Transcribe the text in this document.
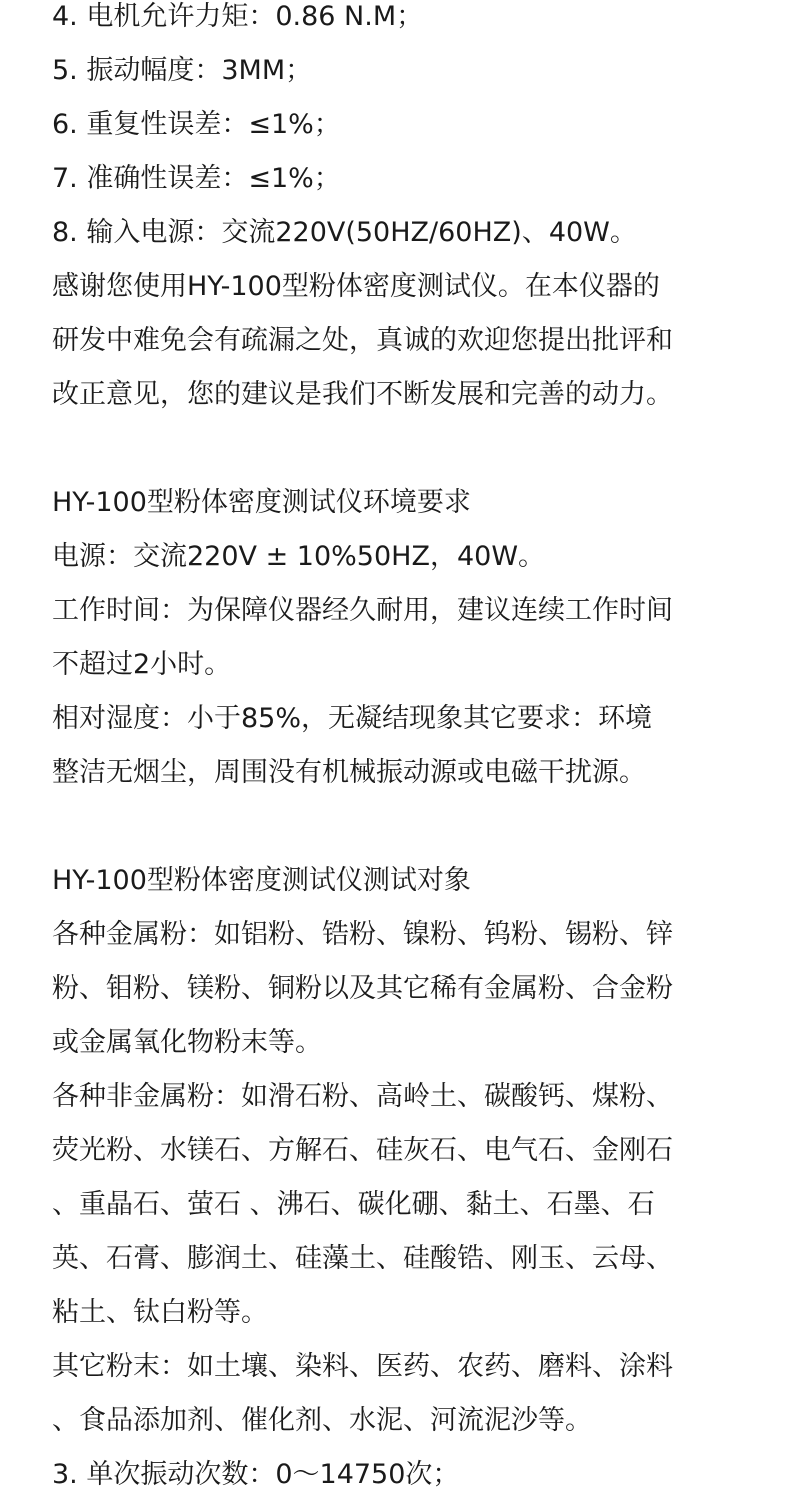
4. 电机允许力矩：0.86 N.M；
5. 振动幅度：3MM；
6. 重复性误差：≤1%；
7. 准确性误差：≤1%；
8. 输入电源：交流220V(50HZ/60HZ)、40W。
感谢您使用HY-100型粉体密度测试仪。在本仪器的
研发中难免会有疏漏之处，真诚的欢迎您提出批评和
改正意见，您的建议是我们不断发展和完善的动力。
HY-100型粉体密度测试仪环境要求
电源：交流220V ± 10%50HZ，40W。
工作时间：为保障仪器经久耐用，建议连续工作时间
不超过2小时。
相对湿度：小于85%，无凝结现象其它要求：环境
整洁无烟尘，周围没有机械振动源或电磁干扰源。
HY-100型粉体密度测试仪测试对象
各种金属粉：如铝粉、锆粉、镍粉、钨粉、锡粉、锌
粉、钼粉、镁粉、铜粉以及其它稀有金属粉、合金粉
或金属氧化物粉末等。
各种非金属粉：如滑石粉、高岭土、碳酸钙、煤粉、
荧光粉、水镁石、方解石、硅灰石、电气石、金刚石
、重晶石、萤石 、沸石、碳化硼、黏土、石墨、石
英、石膏、膨润土、硅藻土、硅酸锆、刚玉、云母、
粘土、钛白粉等。
其它粉末：如土壤、染料、医药、农药、磨料、涂料
、食品添加剂、催化剂、水泥、河流泥沙等。
3. 单次振动次数：0～14750次；
